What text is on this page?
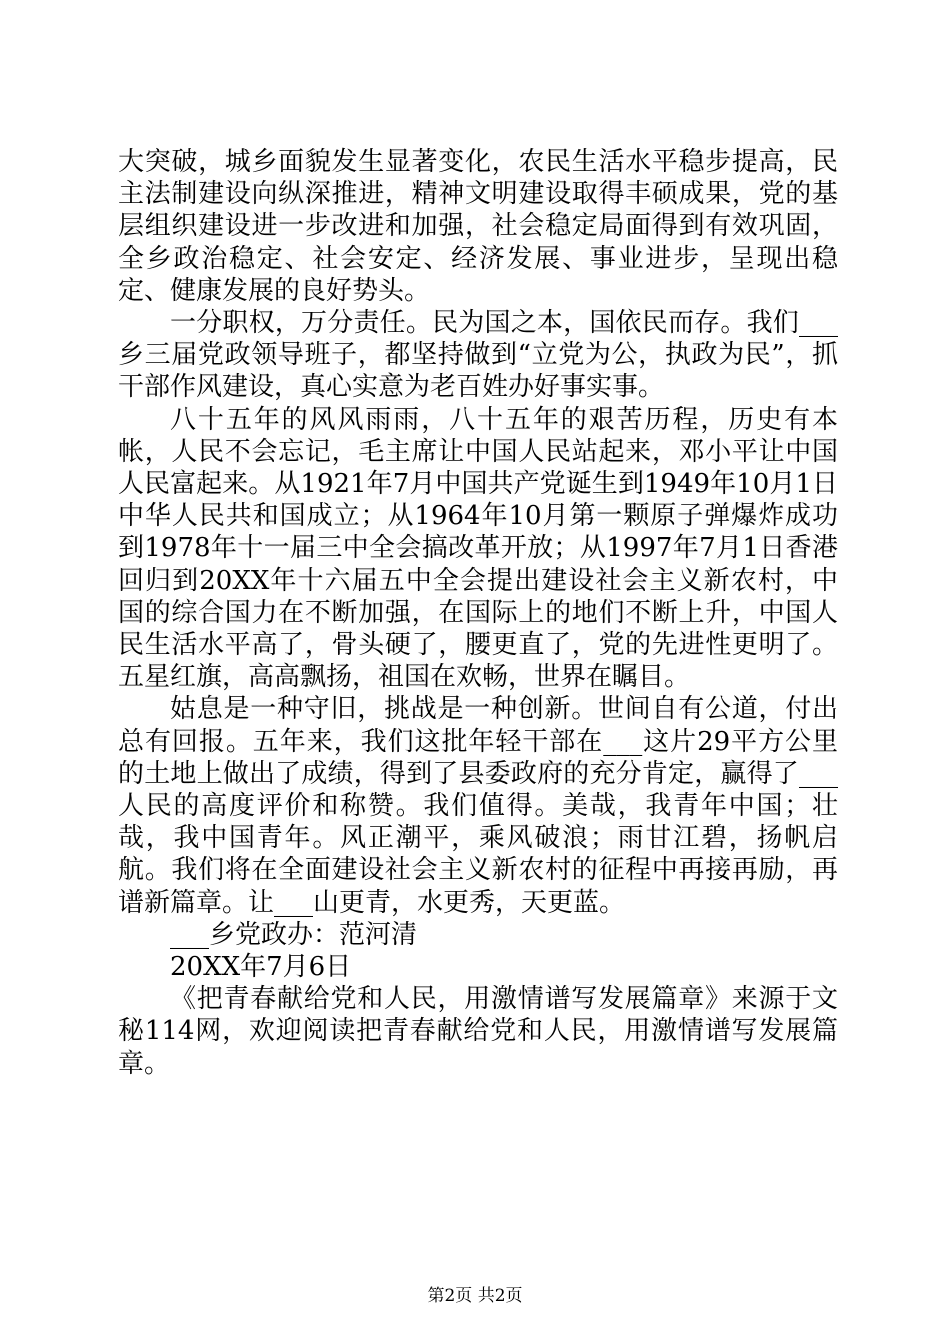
大突破，城乡面貌发生显著变化，农民生活水平稳步提高，民主法制建设向纵深推进，精神文明建设取得丰硕成果，党的基层组织建设进一步改进和加强，社会稳定局面得到有效巩固，全乡政治稳定、社会安定、经济发展、事业进步，呈现出稳定、健康发展的良好势头。

一分职权，万分责任。民为国之本，国依民而存。我们___乡三届党政领导班子，都坚持做到“立党为公，执政为民”，抓干部作风建设，真心实意为老百姓办好事实事。

八十五年的风风雨雨，八十五年的艰苦历程，历史有本帐，人民不会忘记，毛主席让中国人民站起来，邓小平让中国人民富起来。从1921年7月中国共产党诞生到1949年10月1日中华人民共和国成立；从1964年10月第一颗原子弹爆炸成功到1978年十一届三中全会搞改革开放；从1997年7月1日香港回归到20XX年十六届五中全会提出建设社会主义新农村，中国的综合国力在不断加强，在国际上的地们不断上升，中国人民生活水平高了，骨头硬了，腰更直了，党的先进性更明了。五星红旗，高高飘扬，祖国在欢畅，世界在瞩目。

姑息是一种守旧，挑战是一种创新。世间自有公道，付出总有回报。五年来，我们这批年轻干部在___这片29平方公里的土地上做出了成绩，得到了县委政府的充分肯定，赢得了___人民的高度评价和称赞。我们值得。美哉，我青年中国；壮哉，我中国青年。风正潮平，乘风破浪；雨甘江碧，扬帆启航。我们将在全面建设社会主义新农村的征程中再接再励，再谱新篇章。让___山更青，水更秀，天更蓝。

___乡党政办：范河清

20XX年7月6日

《把青春献给党和人民，用激情谱写发展篇章》来源于文秘114网，欢迎阅读把青春献给党和人民，用激情谱写发展篇章。

第2页 共2页
